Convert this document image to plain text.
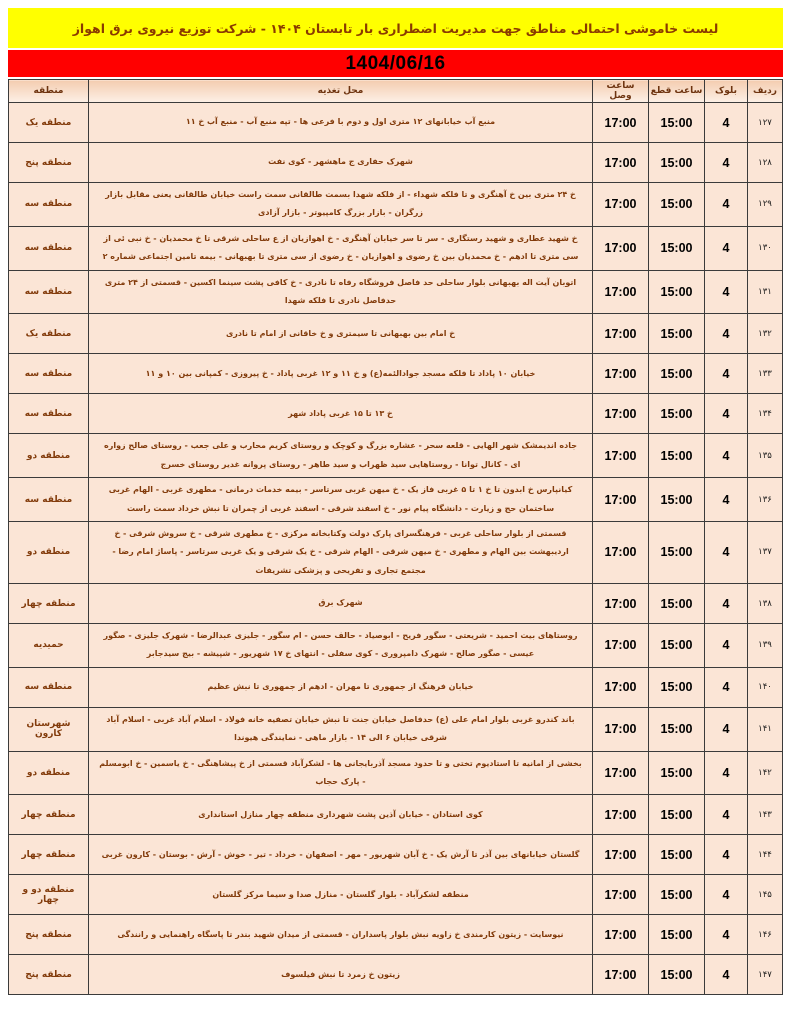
لیست خاموشی احتمالی مناطق جهت مدیریت اضطراری بار تابستان ۱۴۰۴ - شرکت توزیع نیروی برق اهواز
1404/06/16
ردیف	بلوک	ساعت قطع	ساعت وصل	محل تغذیه	منطقه
۱۲۷	4	15:00	17:00	منبع آب خیابانهای ۱۲ متری اول و دوم با فرعی ها - تپه منبع آب - منبع آب خ ۱۱	منطقه یک
۱۲۸	4	15:00	17:00	شهرک حفاری ج ماهشهر - کوی نفت	منطقه پنج
۱۲۹	4	15:00	17:00	خ ۲۴ متری بین خ آهنگری و تا فلکه شهداء - از فلکه شهدا بسمت طالقانی سمت راست خیابان طالقانی یعنی مقابل بازار زرگران - بازار بزرگ کامپیوتر - بازار آزادی	منطقه سه
۱۳۰	4	15:00	17:00	خ شهید عطاری و شهید رستگاری - سر تا سر خیابان آهنگری - خ اهوازیان از ع ساحلی شرقی تا خ محمدیان - خ نبی ئی از سی متری تا ادهم - خ محمدیان بین خ رضوی و اهوازیان - خ رضوی از سی متری تا بهبهانی - بیمه تامین اجتماعی شماره ۲	منطقه سه
۱۳۱	4	15:00	17:00	اتوبان آیت اله بهبهانی بلوار ساحلی حد فاصل فروشگاه رفاه تا نادری - خ کافی پشت سینما اکسین - قسمتی از ۲۴ متری حدفاصل نادری تا فلکه شهدا	منطقه سه
۱۳۲	4	15:00	17:00	خ امام بین بهبهانی تا سیمتری و خ خاقانی از امام تا نادری	منطقه یک
۱۳۳	4	15:00	17:00	خیابان ۱۰ پاداد تا فلکه مسجد جوادالئمه(ع) و خ ۱۱ و ۱۲ غربی پاداد - خ پیروزی - کمپانی بین ۱۰ و ۱۱	منطقه سه
۱۳۴	4	15:00	17:00	خ ۱۳ تا ۱۵ غربی پاداد شهر	منطقه سه
۱۳۵	4	15:00	17:00	جاده اندیمشک شهر الهایی - قلعه سحر - عشاره بزرگ و کوچک و روستای کریم محارب و علی جعب - روستای صالح زواره ای - کانال توانا - روستاهایی سید ظهراب و سید طاهر - روستای پروانه غدیر روستای خسرج	منطقه دو
۱۳۶	4	15:00	17:00	کیانپارس خ ابدون تا خ ۱ تا ۵ غربی فاز یک - خ میهن غربی سرتاسر - بیمه خدمات درمانی - مطهری غربی - الهام غربی ساختمان حج و زیارت - دانشگاه پیام نور - خ اسفند شرقی - اسفند غربی از چمران تا نبش خرداد سمت راست	منطقه سه
۱۳۷	4	15:00	17:00	قسمتی از بلوار ساحلی غربی - فرهنگسرای پارک دولت وکتابخانه مرکزی - خ مطهری شرقی - خ سروش شرقی - خ اردیبهشت بین الهام و مطهری - خ میهن شرقی - الهام شرقی - خ یک شرقی و یک غربی سرتاسر - پاساژ امام رضا - مجتمع تجاری و تفریحی و پزشکی تشریفات	منطقه دو
۱۳۸	4	15:00	17:00	شهرک برق	منطقه چهار
۱۳۹	4	15:00	17:00	روستاهای بیت احمید - شریعتی - سگور فریح - ابوصیاد - حالف حسن - ام سگور - جلیزی عبدالرضا - شهرک جلیزی - صگور عیسی - صگور صالح - شهرک دامپروری - کوی سفلی - انتهای خ ۱۷ شهریور - شپیشه - بیج سیدجابر	حمیدیه
۱۴۰	4	15:00	17:00	خیابان فرهنگ از جمهوری تا مهران - ادهم از جمهوری تا نبش عظیم	منطقه سه
۱۴۱	4	15:00	17:00	باند کندرو غربی بلوار امام علی (ع) حدفاصل خیابان جنت تا نبش خیابان تصفیه خانه فولاد - اسلام آباد غربی - اسلام آباد شرقی خیابان ۶ الی ۱۴ - بازار ماهی - نمایندگی هیوندا	شهرستان کارون
۱۴۲	4	15:00	17:00	بخشی از امانیه تا استادیوم تختی و تا حدود مسجد آذربایجانی ها - لشکرآباد قسمتی از خ پیشاهنگی - خ یاسمین - خ ابومسلم - پارک حجاب	منطقه دو
۱۴۳	4	15:00	17:00	کوی استادان - خیابان آذین پشت شهرداری منطقه چهار منازل استانداری	منطقه چهار
۱۴۴	4	15:00	17:00	گلستان خیابانهای بین آذر تا آرش یک - خ آبان شهریور - مهر - اصفهان - خرداد - تیر - خوش - آرش - بوستان - کارون غربی	منطقه چهار
۱۴۵	4	15:00	17:00	منطقه لشکرآباد - بلوار گلستان - منازل صدا و سیما مرکز گلستان	منطقه دو و چهار
۱۴۶	4	15:00	17:00	نیوسایت - زیتون کارمندی خ زاویه نبش بلوار پاسداران - قسمتی از میدان شهید بندر تا پاسگاه راهنمایی و رانندگی	منطقه پنج
۱۴۷	4	15:00	17:00	زیتون خ زمرد تا نبش فیلسوف	منطقه پنج
